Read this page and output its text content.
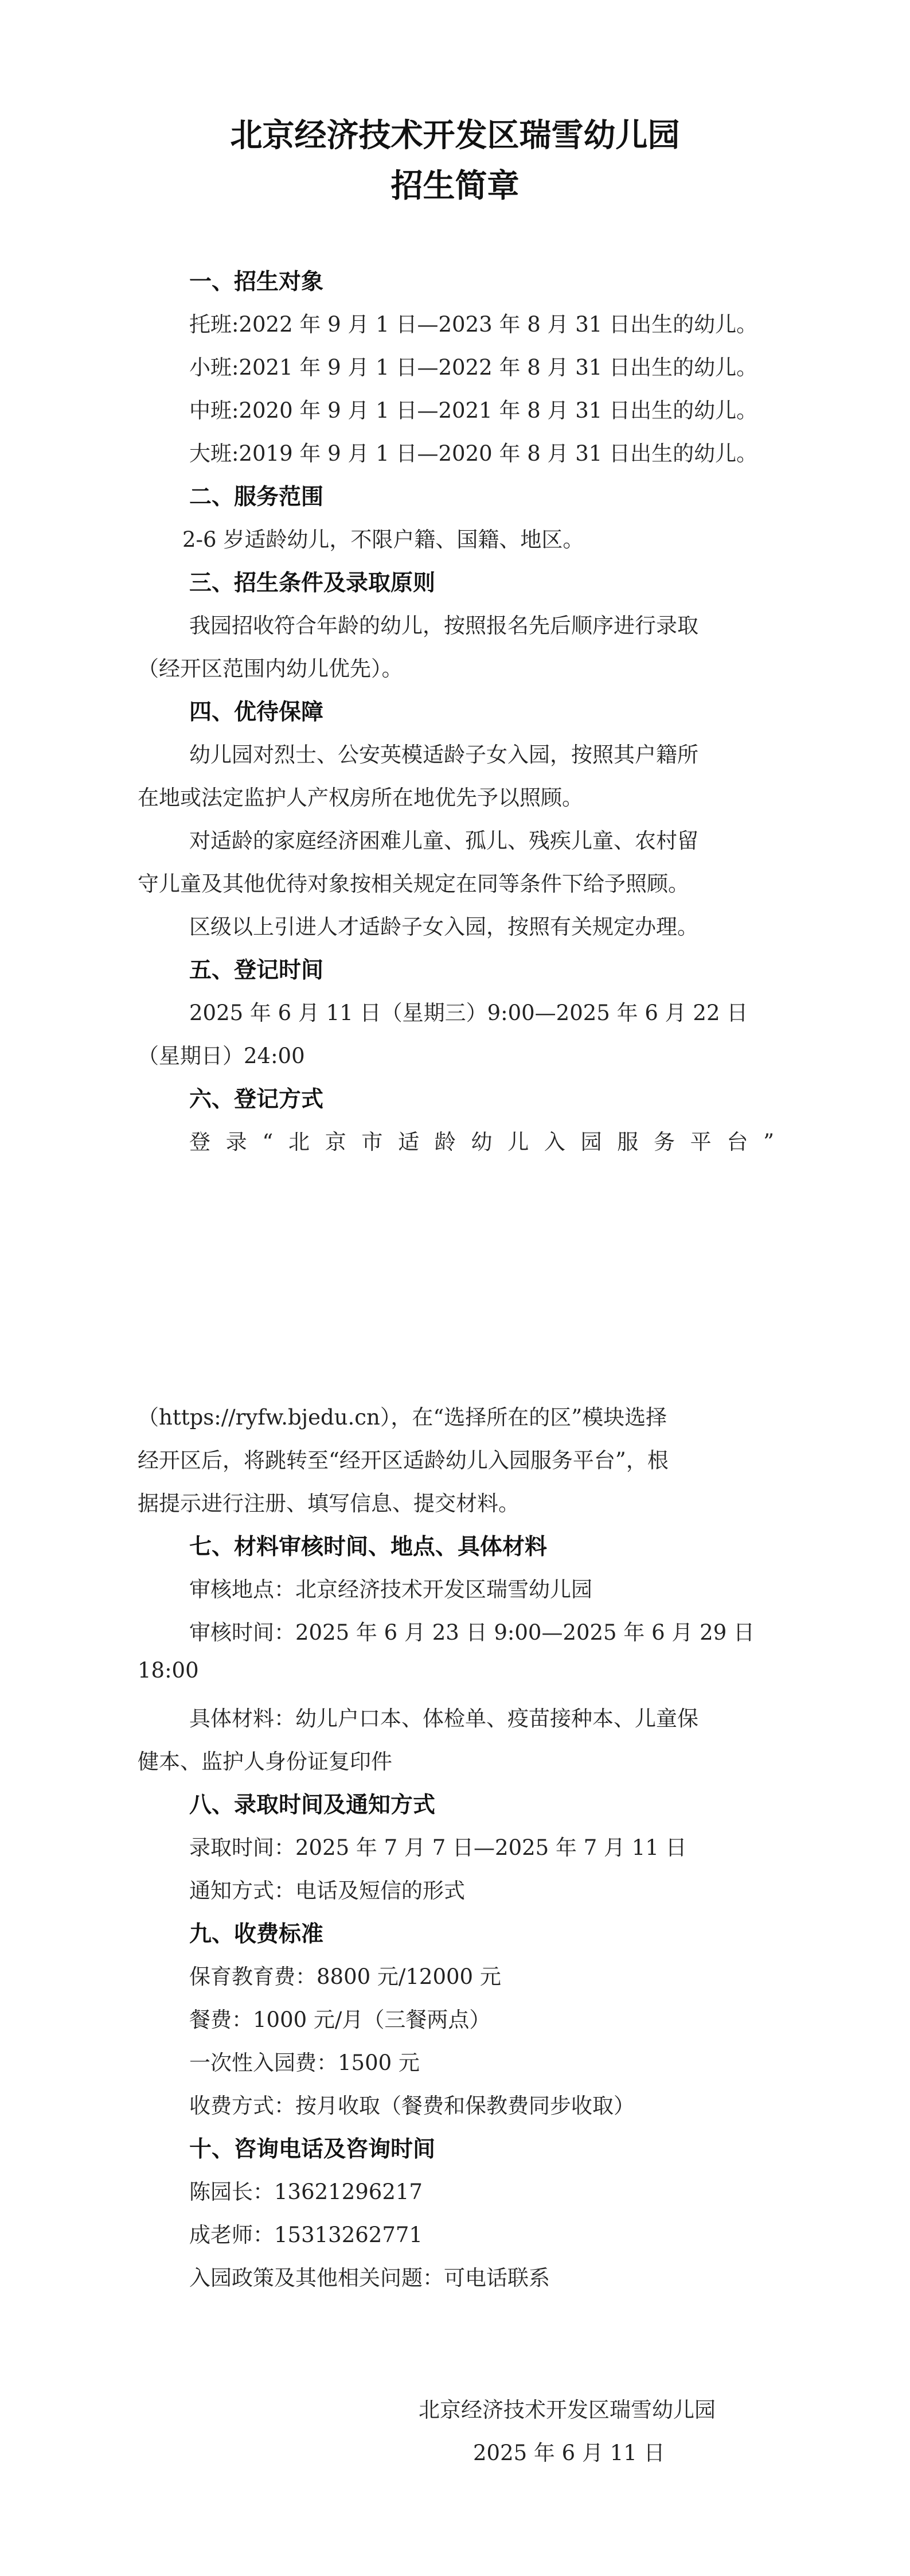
北京经济技术开发区瑞雪幼儿园
招生简章
一、招生对象
托班:2022 年 9 月 1 日—2023 年 8 月 31 日出生的幼儿。
小班:2021 年 9 月 1 日—2022 年 8 月 31 日出生的幼儿。
中班:2020 年 9 月 1 日—2021 年 8 月 31 日出生的幼儿。
大班:2019 年 9 月 1 日—2020 年 8 月 31 日出生的幼儿。
二、服务范围
2-6 岁适龄幼儿，不限户籍、国籍、地区。
三、招生条件及录取原则
我园招收符合年龄的幼儿，按照报名先后顺序进行录取
（经开区范围内幼儿优先）。
四、优待保障
幼儿园对烈士、公安英模适龄子女入园，按照其户籍所
在地或法定监护人产权房所在地优先予以照顾。
对适龄的家庭经济困难儿童、孤儿、残疾儿童、农村留
守儿童及其他优待对象按相关规定在同等条件下给予照顾。
区级以上引进人才适龄子女入园，按照有关规定办理。
五、登记时间
2025 年 6 月 11 日（星期三）9:00—2025 年 6 月 22 日
（星期日）24:00
六、登记方式
登录“北京市适龄幼儿入园服务平台”
（https://ryfw.bjedu.cn），在“选择所在的区”模块选择
经开区后，将跳转至“经开区适龄幼儿入园服务平台”，根
据提示进行注册、填写信息、提交材料。
七、材料审核时间、地点、具体材料
审核地点：北京经济技术开发区瑞雪幼儿园
审核时间：2025 年 6 月 23 日 9:00—2025 年 6 月 29 日
18:00
具体材料：幼儿户口本、体检单、疫苗接种本、儿童保
健本、监护人身份证复印件
八、录取时间及通知方式
录取时间：2025 年 7 月 7 日—2025 年 7 月 11 日
通知方式：电话及短信的形式
九、收费标准
保育教育费：8800 元/12000 元
餐费：1000 元/月（三餐两点）
一次性入园费：1500 元
收费方式：按月收取（餐费和保教费同步收取）
十、咨询电话及咨询时间
陈园长：13621296217
成老师：15313262771
入园政策及其他相关问题：可电话联系
北京经济技术开发区瑞雪幼儿园
2025 年 6 月 11 日
